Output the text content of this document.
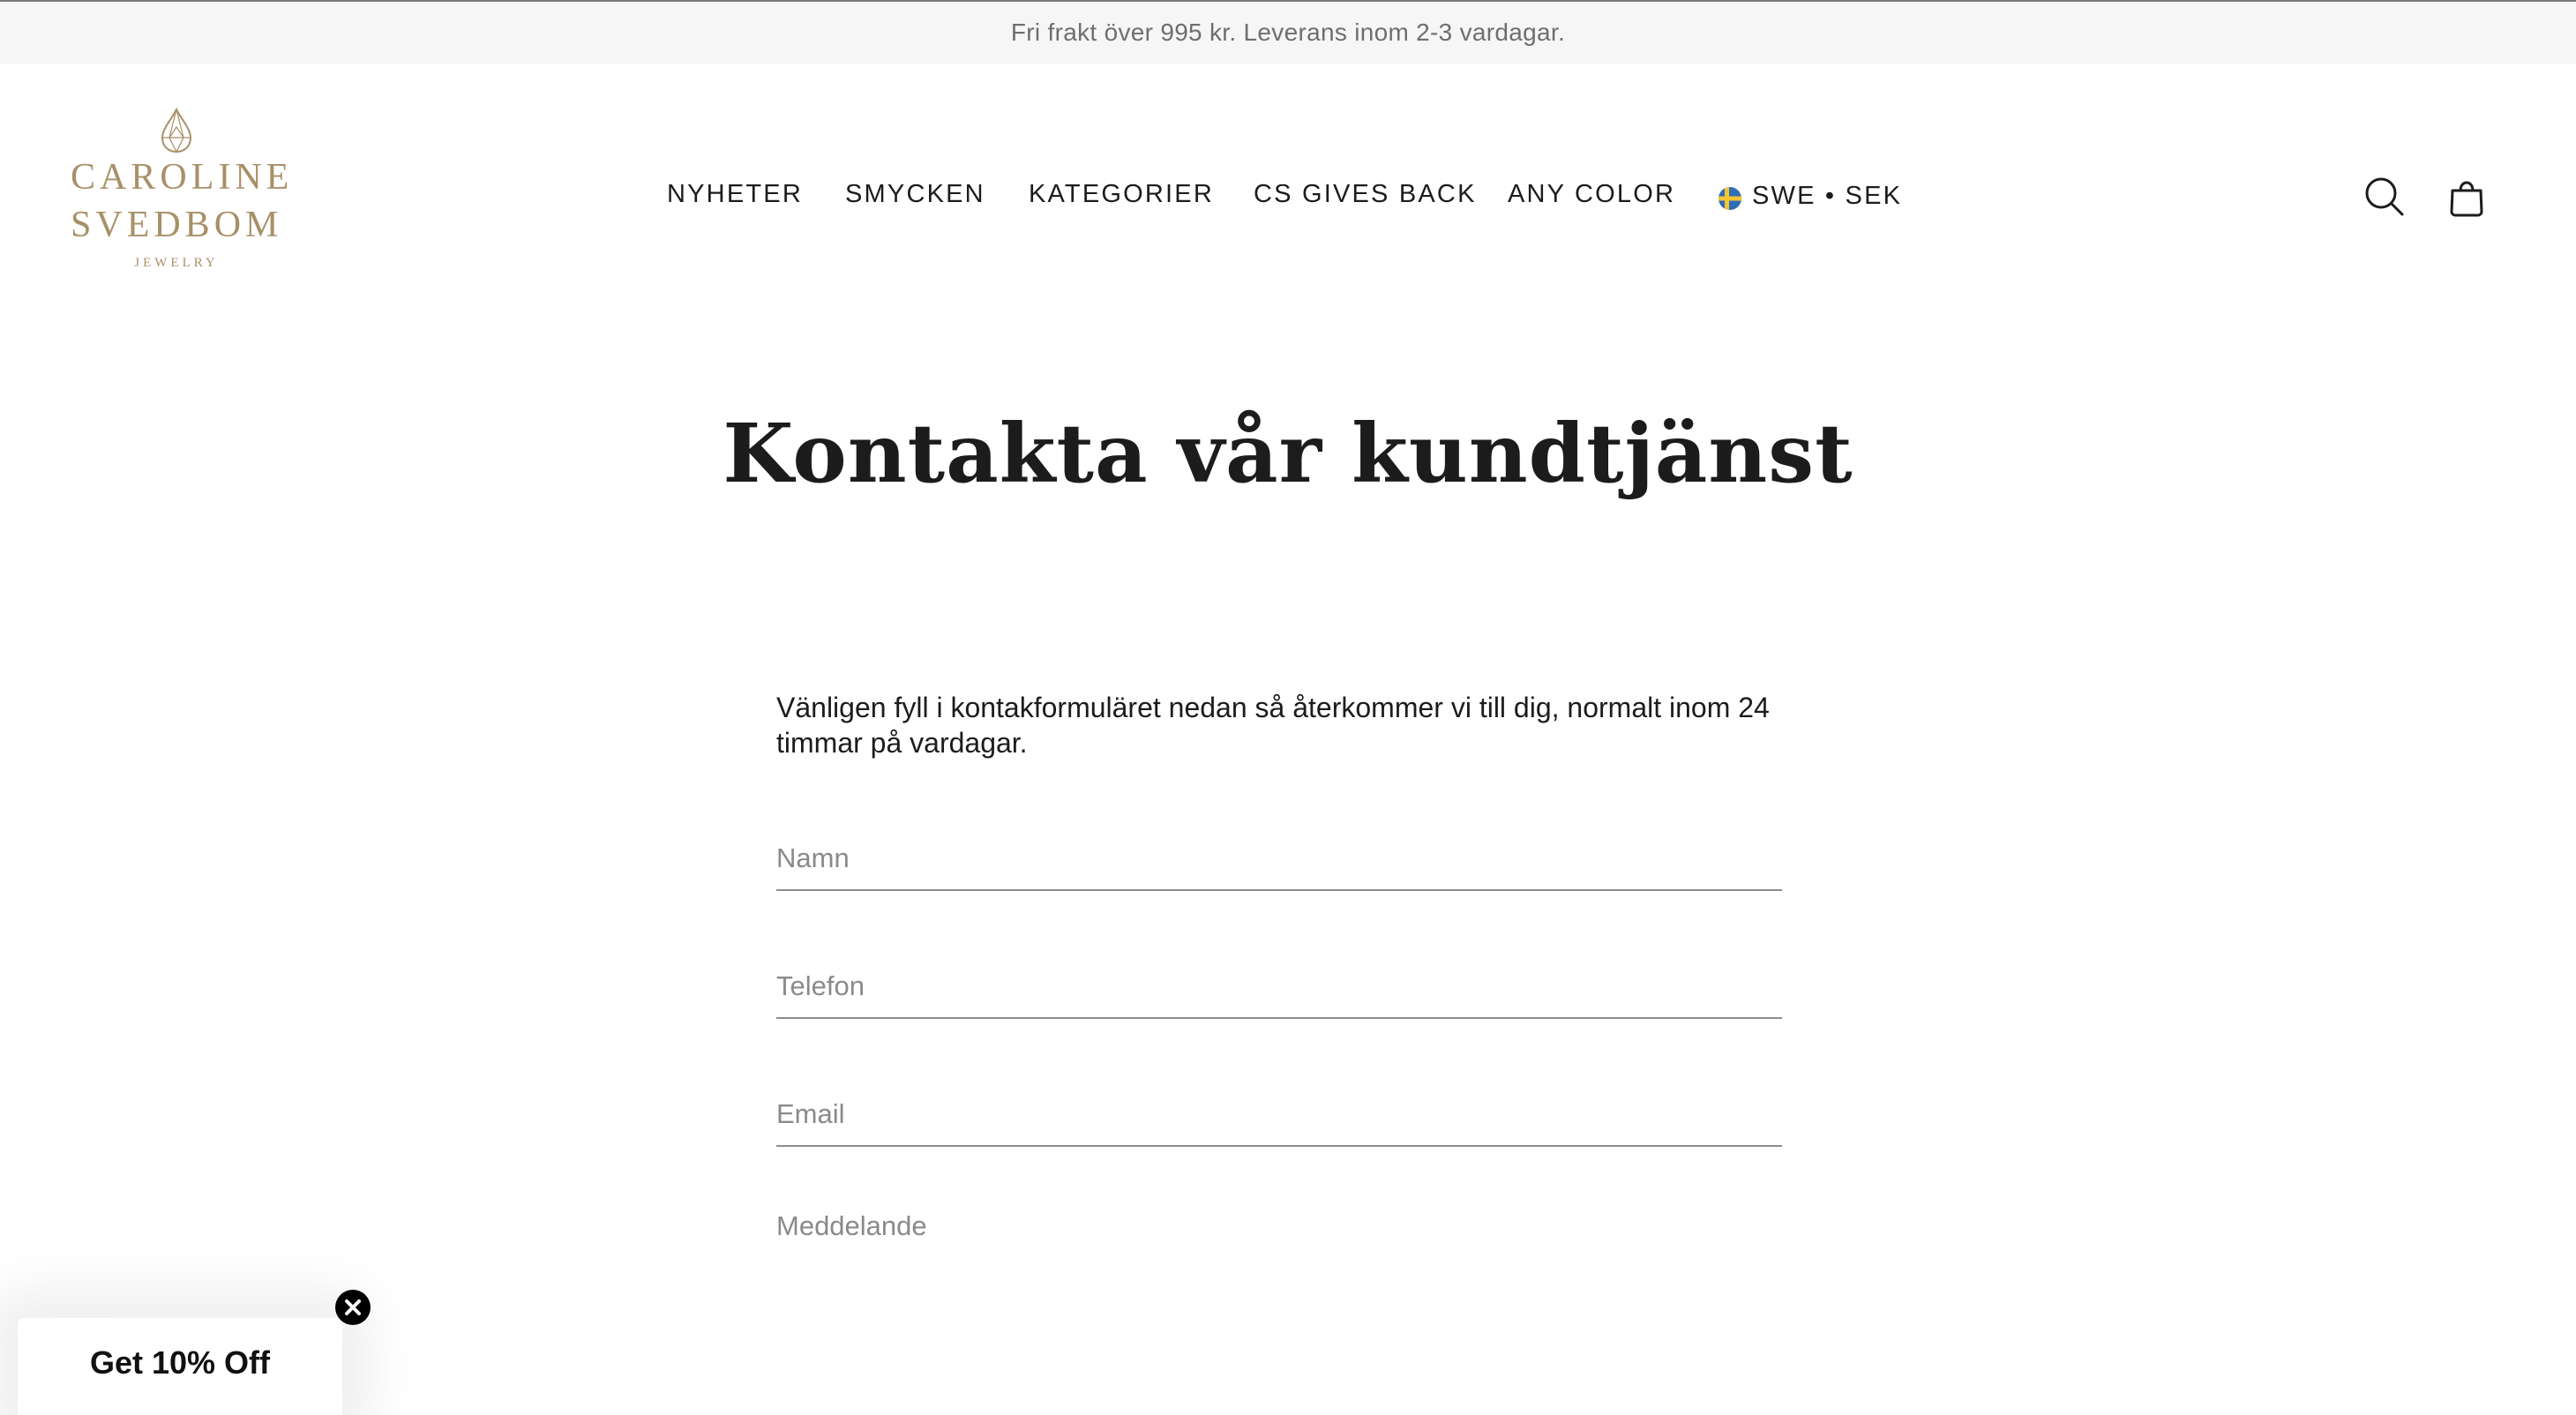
Fri frakt över 995 kr. Leverans inom 2-3 vardagar.
CAROLINE
SVEDBOM
JEWELRY
NYHETER SMYCKEN KATEGORIER CS GIVES BACK ANY COLOR	SWE • SEK
Kontakta vår kundtjänst
Vänligen fyll i kontakformuläret nedan så återkommer vi till dig, normalt inom 24
timmar på vardagar.
Namn
Telefon
Email
Meddelande
Get 10% Off
